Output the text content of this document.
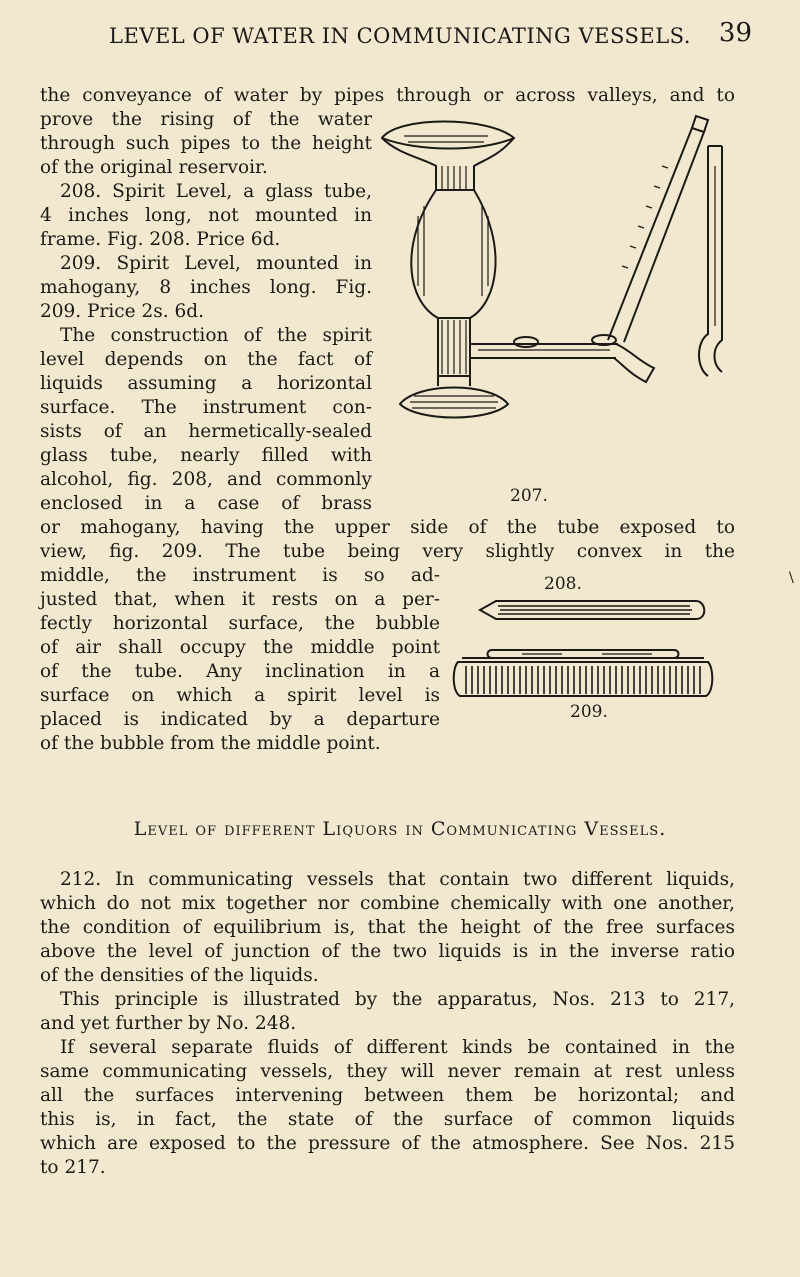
LEVEL OF WATER IN COMMUNICATING VESSELS.	39
the conveyance of water by pipes through or across valleys, and to
prove the rising of the water
through such pipes to the height
of the original reservoir.
208. Spirit Level, a glass tube,
4 inches long, not mounted in
frame. Fig. 208. Price 6d.
209. Spirit Level, mounted in
mahogany, 8 inches long. Fig.
209. Price 2s. 6d.
The construction of the spirit
level depends on the fact of
liquids assuming a horizontal
surface. The instrument con-
sists of an hermetically-sealed
glass tube, nearly filled with
alcohol, fig. 208, and commonly
enclosed in a case of brass
or mahogany, having the upper side of the tube exposed to
view, fig. 209. The tube being very slightly convex in the
middle, the instrument is so ad-
justed that, when it rests on a per-
fectly horizontal surface, the bubble
of air shall occupy the middle point
of the tube. Any inclination in a
surface on which a spirit level is
placed is indicated by a departure
of the bubble from the middle point.
\
207.
208.
209.
Level of different Liquors in Communicating Vessels.
212. In communicating vessels that contain two different liquids,
which do not mix together nor combine chemically with one another,
the condition of equilibrium is, that the height of the free surfaces
above the level of junction of the two liquids is in the inverse ratio
of the densities of the liquids.
This principle is illustrated by the apparatus, Nos. 213 to 217,
and yet further by No. 248.
If several separate fluids of different kinds be contained in the
same communicating vessels, they will never remain at rest unless
all the surfaces intervening between them be horizontal; and
this is, in fact, the state of the surface of common liquids
which are exposed to the pressure of the atmosphere. See Nos. 215
to 217.
